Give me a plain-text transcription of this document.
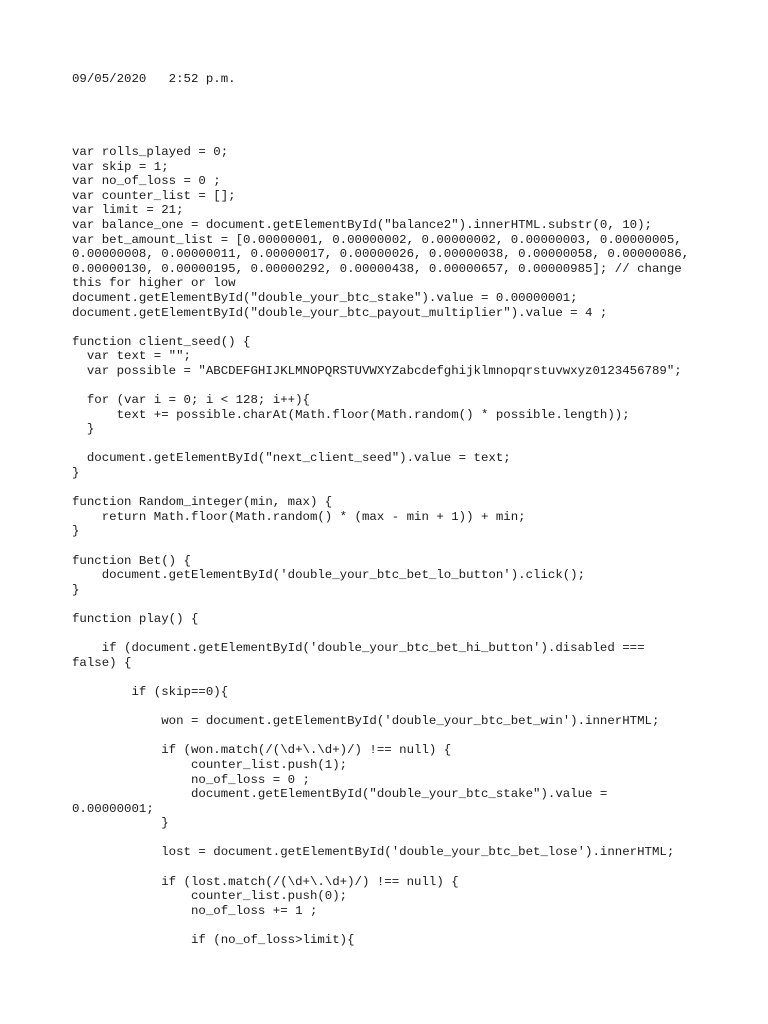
09/05/2020   2:52 p.m.

var rolls_played = 0;
var skip = 1;
var no_of_loss = 0 ;
var counter_list = [];
var limit = 21;
var balance_one = document.getElementById("balance2").innerHTML.substr(0, 10);
var bet_amount_list = [0.00000001, 0.00000002, 0.00000002, 0.00000003, 0.00000005,
0.00000008, 0.00000011, 0.00000017, 0.00000026, 0.00000038, 0.00000058, 0.00000086,
0.00000130, 0.00000195, 0.00000292, 0.00000438, 0.00000657, 0.00000985]; // change
this for higher or low
document.getElementById("double_your_btc_stake").value = 0.00000001;
document.getElementById("double_your_btc_payout_multiplier").value = 4 ;

function client_seed() {
var text = "";
var possible = "ABCDEFGHIJKLMNOPQRSTUVWXYZabcdefghijklmnopqrstuvwxyz0123456789";

for (var i = 0; i < 128; i++){
text += possible.charAt(Math.floor(Math.random() * possible.length));
}

document.getElementById("next_client_seed").value = text;
}

function Random_integer(min, max) {
return Math.floor(Math.random() * (max - min + 1)) + min;
}

function Bet() {
document.getElementById('double_your_btc_bet_lo_button').click();
}

function play() {

if (document.getElementById('double_your_btc_bet_hi_button').disabled ===
false) {

if (skip==0){

won = document.getElementById('double_your_btc_bet_win').innerHTML;

if (won.match(/(\d+\.\d+)/) !== null) {
counter_list.push(1);
no_of_loss = 0 ;
document.getElementById("double_your_btc_stake").value =
0.00000001;
}

lost = document.getElementById('double_your_btc_bet_lose').innerHTML;

if (lost.match(/(\d+\.\d+)/) !== null) {
counter_list.push(0);
no_of_loss += 1 ;

if (no_of_loss>limit){
